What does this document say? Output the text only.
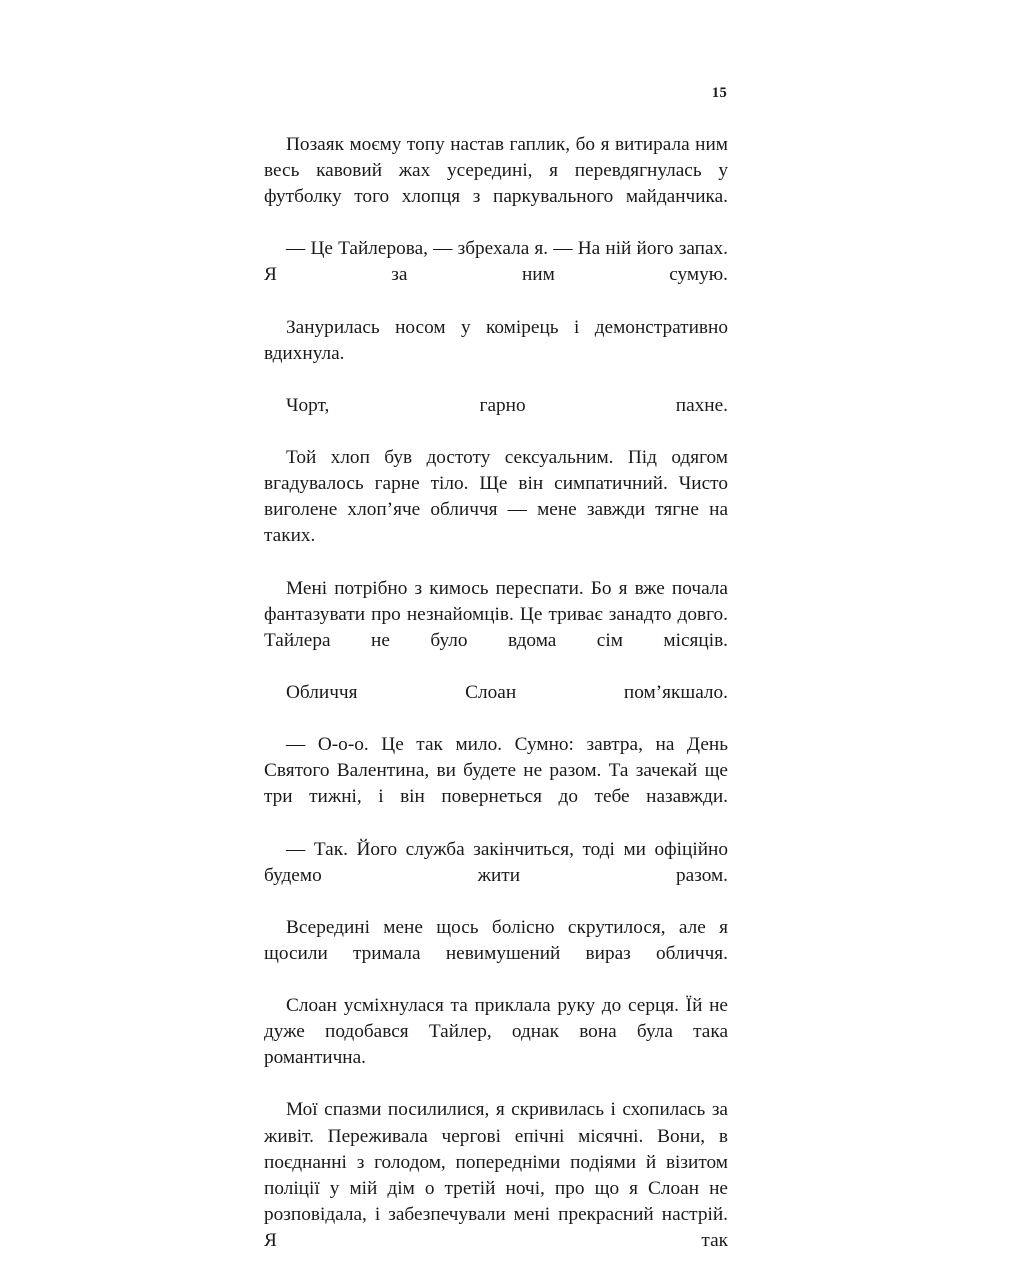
15

Позаяк моєму топу настав гаплик, бо я витирала ним весь кавовий жах усередині, я перевдягнулась у футболку того хлопця з паркувального майданчика.

— Це Тайлерова, — збрехала я. — На ній його запах. Я за ним сумую.

Занурилась носом у комірець і демонстративно вдихнула.

Чорт, гарно пахне.

Той хлоп був достоту сексуальним. Під одягом вгадувалось гарне тіло. Ще він симпатичний. Чисто виголене хлоп’яче обличчя — мене завжди тягне на таких.

Мені потрібно з кимось переспати. Бо я вже почала фантазувати про незнайомців. Це триває занадто довго. Тайлера не було вдома сім місяців.

Обличчя Слоан пом’якшало.

— О-о-о. Це так мило. Сумно: завтра, на День Святого Валентина, ви будете не разом. Та зачекай ще три тижні, і він повернеться до тебе назавжди.

— Так. Його служба закінчиться, тоді ми офіційно будемо жити разом.

Всередині мене щось болісно скрутилося, але я щосили тримала невимушений вираз обличчя.

Слоан усміхнулася та приклала руку до серця. Їй не дуже подобався Тайлер, однак вона була така романтична.

Мої спазми посилилися, я скривилась і схопилась за живіт. Переживала чергові епічні місячні. Вони, в поєднанні з голодом, попередніми подіями й візитом поліції у мій дім о третій ночі, про що я Слоан не розповідала, і забезпечували мені прекрасний настрій. Я так
